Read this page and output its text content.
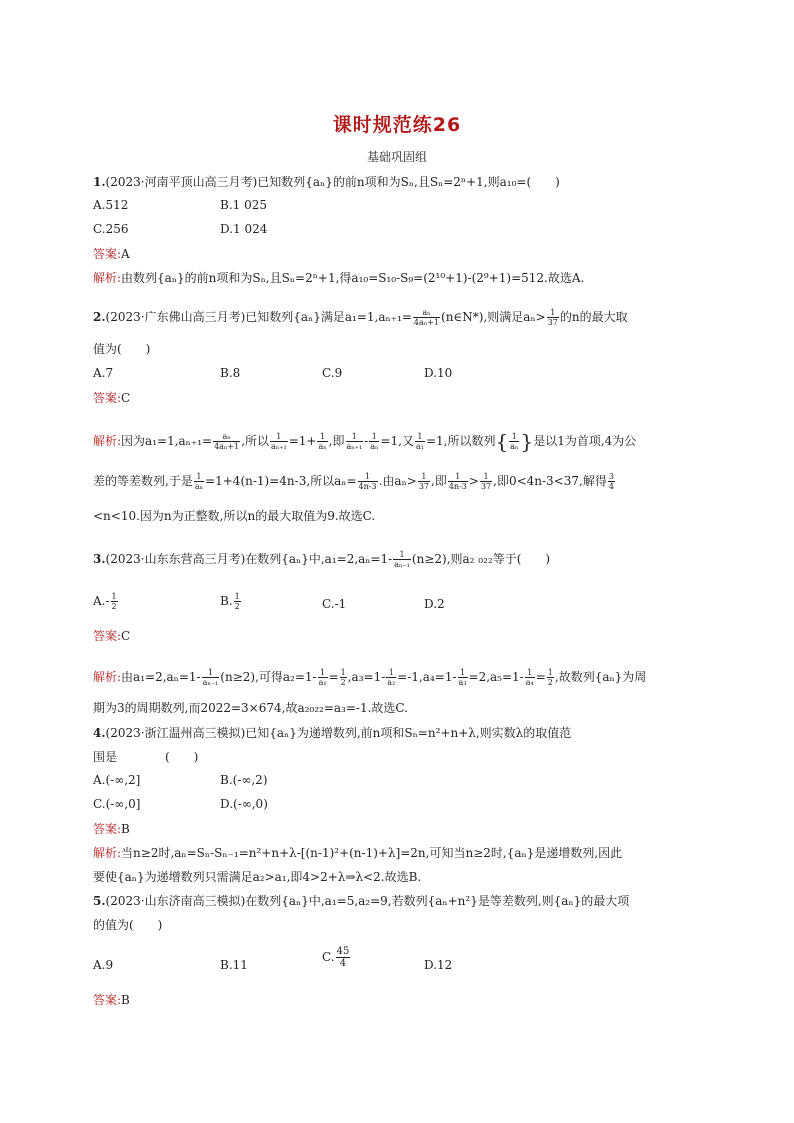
课时规范练26
基础巩固组
1.(2023·河南平顶山高三月考)已知数列{aₙ}的前n项和为Sₙ,且Sₙ=2ⁿ+1,则a₁₀=(　　)
A.512	B.1 025
C.256	D.1 024
答案:A
解析:由数列{aₙ}的前n项和为Sₙ,且Sₙ=2ⁿ+1,得a₁₀=S₁₀-S₉=(2¹⁰+1)-(2⁹+1)=512.故选A.
2.(2023·广东佛山高三月考)已知数列{aₙ}满足$a_1=1,a_{n+1}= \frac{\text{aₙ}}{\text{4aₙ+1}}$ (n∈N*),则满足$a_n> \frac{1}{37}$ 的n的最大取
值为(　　)
A.7	B.8	C.9	D.10
答案:C
解析:因为$a_1=1,a_{n+1}= \frac{\text{aₙ}}{\text{4aₙ+1}}$ ,所以 $\frac{1}{\text{aₙ₊₁}} =1+ \frac{1}{\text{aₙ}}$ ,即 $\frac{1}{\text{aₙ₊₁}} - \frac{1}{\text{aₙ}} =1$,又 $\frac{1}{\text{a₁}} =1$,所以数列{ $\frac{1}{\text{aₙ}}$ }是以1为首项,4为公
差的等差数列,于是 $\frac{1}{\text{aₙ}} =1+4(n-1)=4n-3$,所以$a_n= \frac{1}{4n-3}$ .由$a_n> \frac{1}{37}$ ,即 $\frac{1}{4n-3} > \frac{1}{37}$ ,即0<4n-3<37,解得 $\frac{3}{4}$
<n<10.因为n为正整数,所以n的最大取值为9.故选C.
3.(2023·山东东营高三月考)在数列{aₙ}中$,a_1=2,a_n=1- \frac{1}{\text{aₙ₋₁}} (n\ge 2)$,则a₂ ₀₂₂等于(　　)
$A.- \frac{1}{2}$	B. $\frac{1}{2}$	C.-1	D.2
答案:C
解析:由$a_1=2,a_n=1- \frac{1}{\text{aₙ₋₁}} (n\ge 2)$,可得$a_2=1- \frac{1}{\text{a₁}} = \frac{1}{2} ,a_3=1- \frac{1}{\text{a₂}} =-1,a_4=1- \frac{1}{\text{a₃}} =2,a_5=1- \frac{1}{\text{a₄}} = \frac{1}{2}$ ,故数列{aₙ}为周
期为3的周期数列,而2022=3×674,故a₂₀₂₂=a₃=-1.故选C.
4.(2023·浙江温州高三模拟)已知{aₙ}为递增数列,前n项和Sₙ=n²+n+λ,则实数λ的取值范
围是　　　　(　　)
A.(-∞,2]	B.(-∞,2)
C.(-∞,0]	D.(-∞,0)
答案:B
解析:当n≥2时,aₙ=Sₙ-Sₙ₋₁=n²+n+λ-[(n-1)²+(n-1)+λ]=2n,可知当n≥2时,{aₙ}是递增数列,因此
要使{aₙ}为递增数列只需满足a₂>a₁,即4>2+λ⇒λ<2.故选B.
5.(2023·山东济南高三模拟)在数列{aₙ}中,a₁=5,a₂=9,若数列{aₙ+n²}是等差数列,则{aₙ}的最大项
的值为(　　)
A.9	B.11
C. $\frac{45}{4}$	D.12
答案:B
